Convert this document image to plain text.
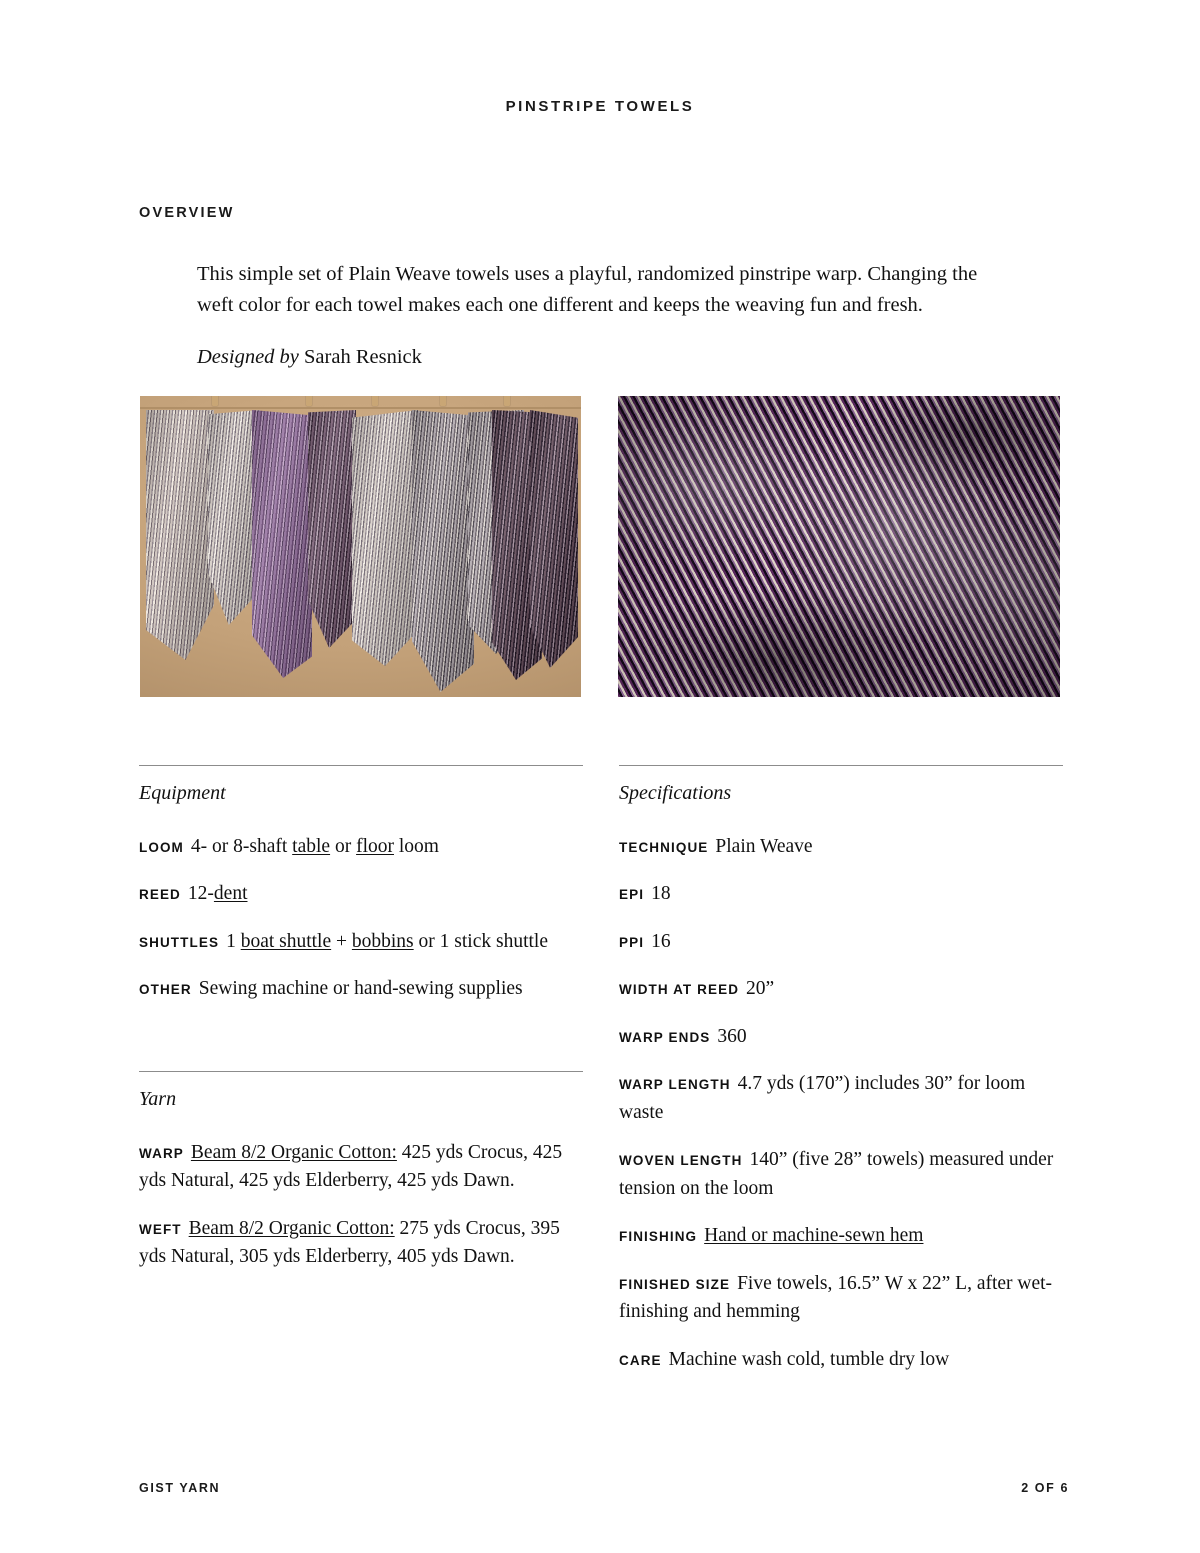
PINSTRIPE TOWELS
OVERVIEW

This simple set of Plain Weave towels uses a playful, randomized pinstripe warp. Changing the weft color for each towel makes each one different and keeps the weaving fun and fresh.

Designed by Sarah Resnick
Equipment
LOOM 4- or 8-shaft table or floor loom
REED 12-dent
SHUTTLES 1 boat shuttle + bobbins or 1 stick shuttle
OTHER Sewing machine or hand-sewing supplies
Yarn
WARP Beam 8/2 Organic Cotton: 425 yds Crocus, 425 yds Natural, 425 yds Elderberry, 425 yds Dawn.
WEFT Beam 8/2 Organic Cotton: 275 yds Crocus, 395 yds Natural, 305 yds Elderberry, 405 yds Dawn.
Specifications
TECHNIQUE Plain Weave
EPI 18
PPI 16
WIDTH AT REED 20”
WARP ENDS 360
WARP LENGTH 4.7 yds (170”) includes 30” for loom waste
WOVEN LENGTH 140” (five 28” towels) measured under tension on the loom
FINISHING Hand or machine-sewn hem
FINISHED SIZE Five towels, 16.5” W x 22” L, after wet-finishing and hemming
CARE Machine wash cold, tumble dry low
GIST YARN	2 OF 6
